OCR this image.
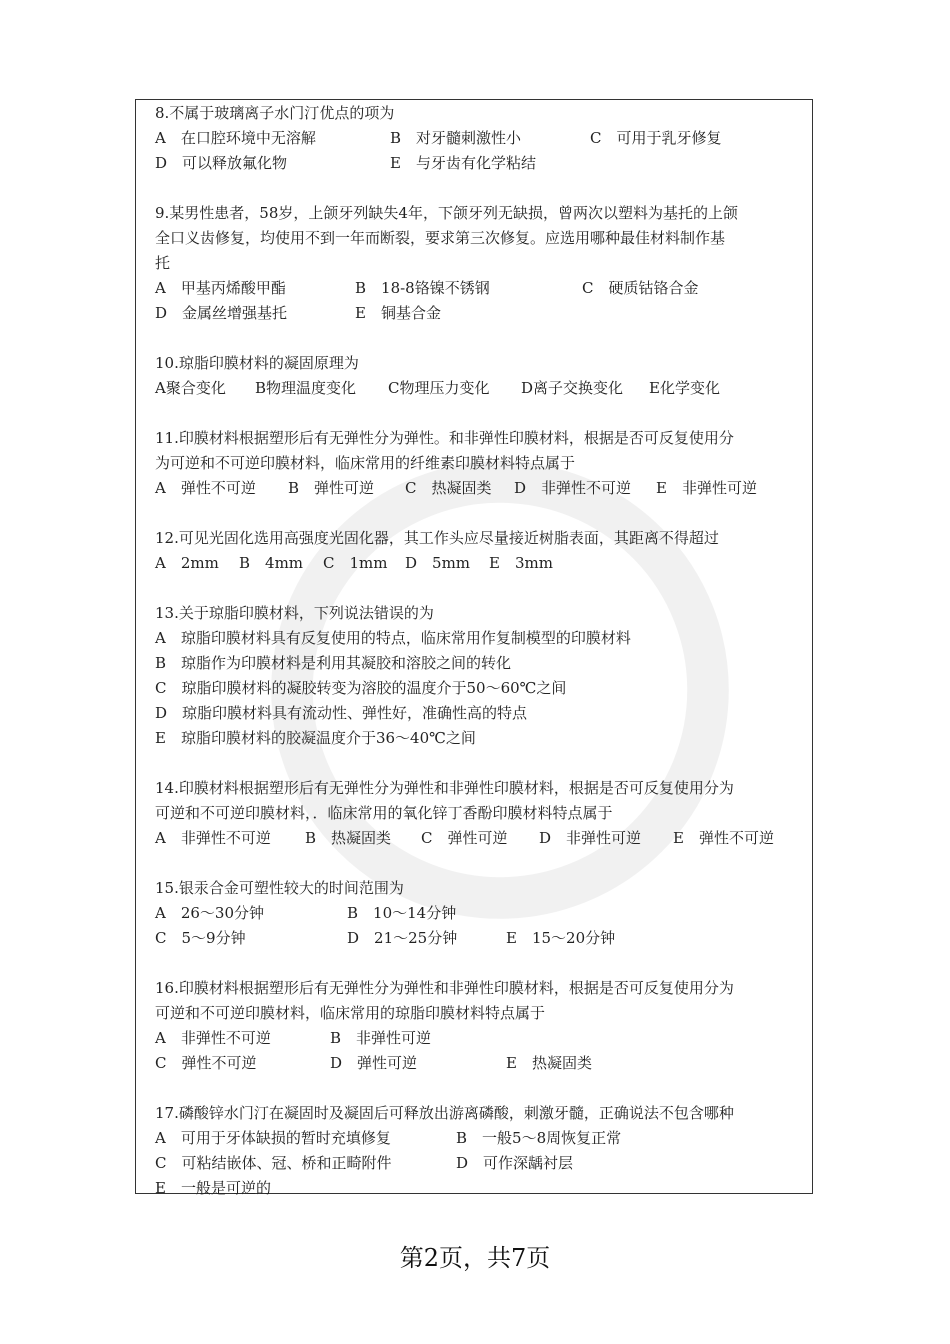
8.不属于玻璃离子水门汀优点的项为
A　在口腔环境中无溶解	B　对牙髓刺激性小	C　可用于乳牙修复
D　可以释放氟化物	E　与牙齿有化学粘结
9.某男性患者，58岁，上颌牙列缺失4年，下颌牙列无缺损，曾两次以塑料为基托的上颌
全口义齿修复，均使用不到一年而断裂，要求第三次修复。应选用哪种最佳材料制作基
托
A　甲基丙烯酸甲酯	B　18-8铬镍不锈钢	C　硬质钴铬合金
D　金属丝增强基托	E　铜基合金
10.琼脂印膜材料的凝固原理为
A聚合变化 B物理温度变化 C物理压力变化 D离子交换变化 E化学变化
11.印膜材料根据塑形后有无弹性分为弹性。和非弹性印膜材料，根据是否可反复使用分
为可逆和不可逆印膜材料，临床常用的纤维素印膜材料特点属于
A　弹性不可逆 B　弹性可逆 C　热凝固类 D　非弹性不可逆 E　非弹性可逆
12.可见光固化选用高强度光固化器，其工作头应尽量接近树脂表面，其距离不得超过
A　2mm B　4mm C　1mm D　5mm E　3mm
13.关于琼脂印膜材料，下列说法错误的为
A　琼脂印膜材料具有反复使用的特点，临床常用作复制模型的印膜材料
B　琼脂作为印膜材料是利用其凝胶和溶胶之间的转化
C　琼脂印膜材料的凝胶转变为溶胶的温度介于50～60℃之间
D　琼脂印膜材料具有流动性、弹性好，准确性高的特点
E　琼脂印膜材料的胶凝温度介于36～40℃之间
14.印膜材料根据塑形后有无弹性分为弹性和非弹性印膜材料，根据是否可反复使用分为
可逆和不可逆印膜材料，．临床常用的氧化锌丁香酚印膜材料特点属于
A　非弹性不可逆 B　热凝固类 C　弹性可逆 D　非弹性可逆 E　弹性不可逆
15.银汞合金可塑性较大的时间范围为
A　26～30分钟	B　10～14分钟
C　5～9分钟	D　21～25分钟	E　15～20分钟
16.印膜材料根据塑形后有无弹性分为弹性和非弹性印膜材料，根据是否可反复使用分为
可逆和不可逆印膜材料，临床常用的琼脂印膜材料特点属于
A　非弹性不可逆	B　非弹性可逆
C　弹性不可逆	D　弹性可逆	E　热凝固类
17.磷酸锌水门汀在凝固时及凝固后可释放出游离磷酸，刺激牙髓，正确说法不包含哪种
A　可用于牙体缺损的暂时充填修复	B　一般5～8周恢复正常
C　可粘结嵌体、冠、桥和正畸附件	D　可作深龋衬层
E　一般是可逆的
第2页，共7页
